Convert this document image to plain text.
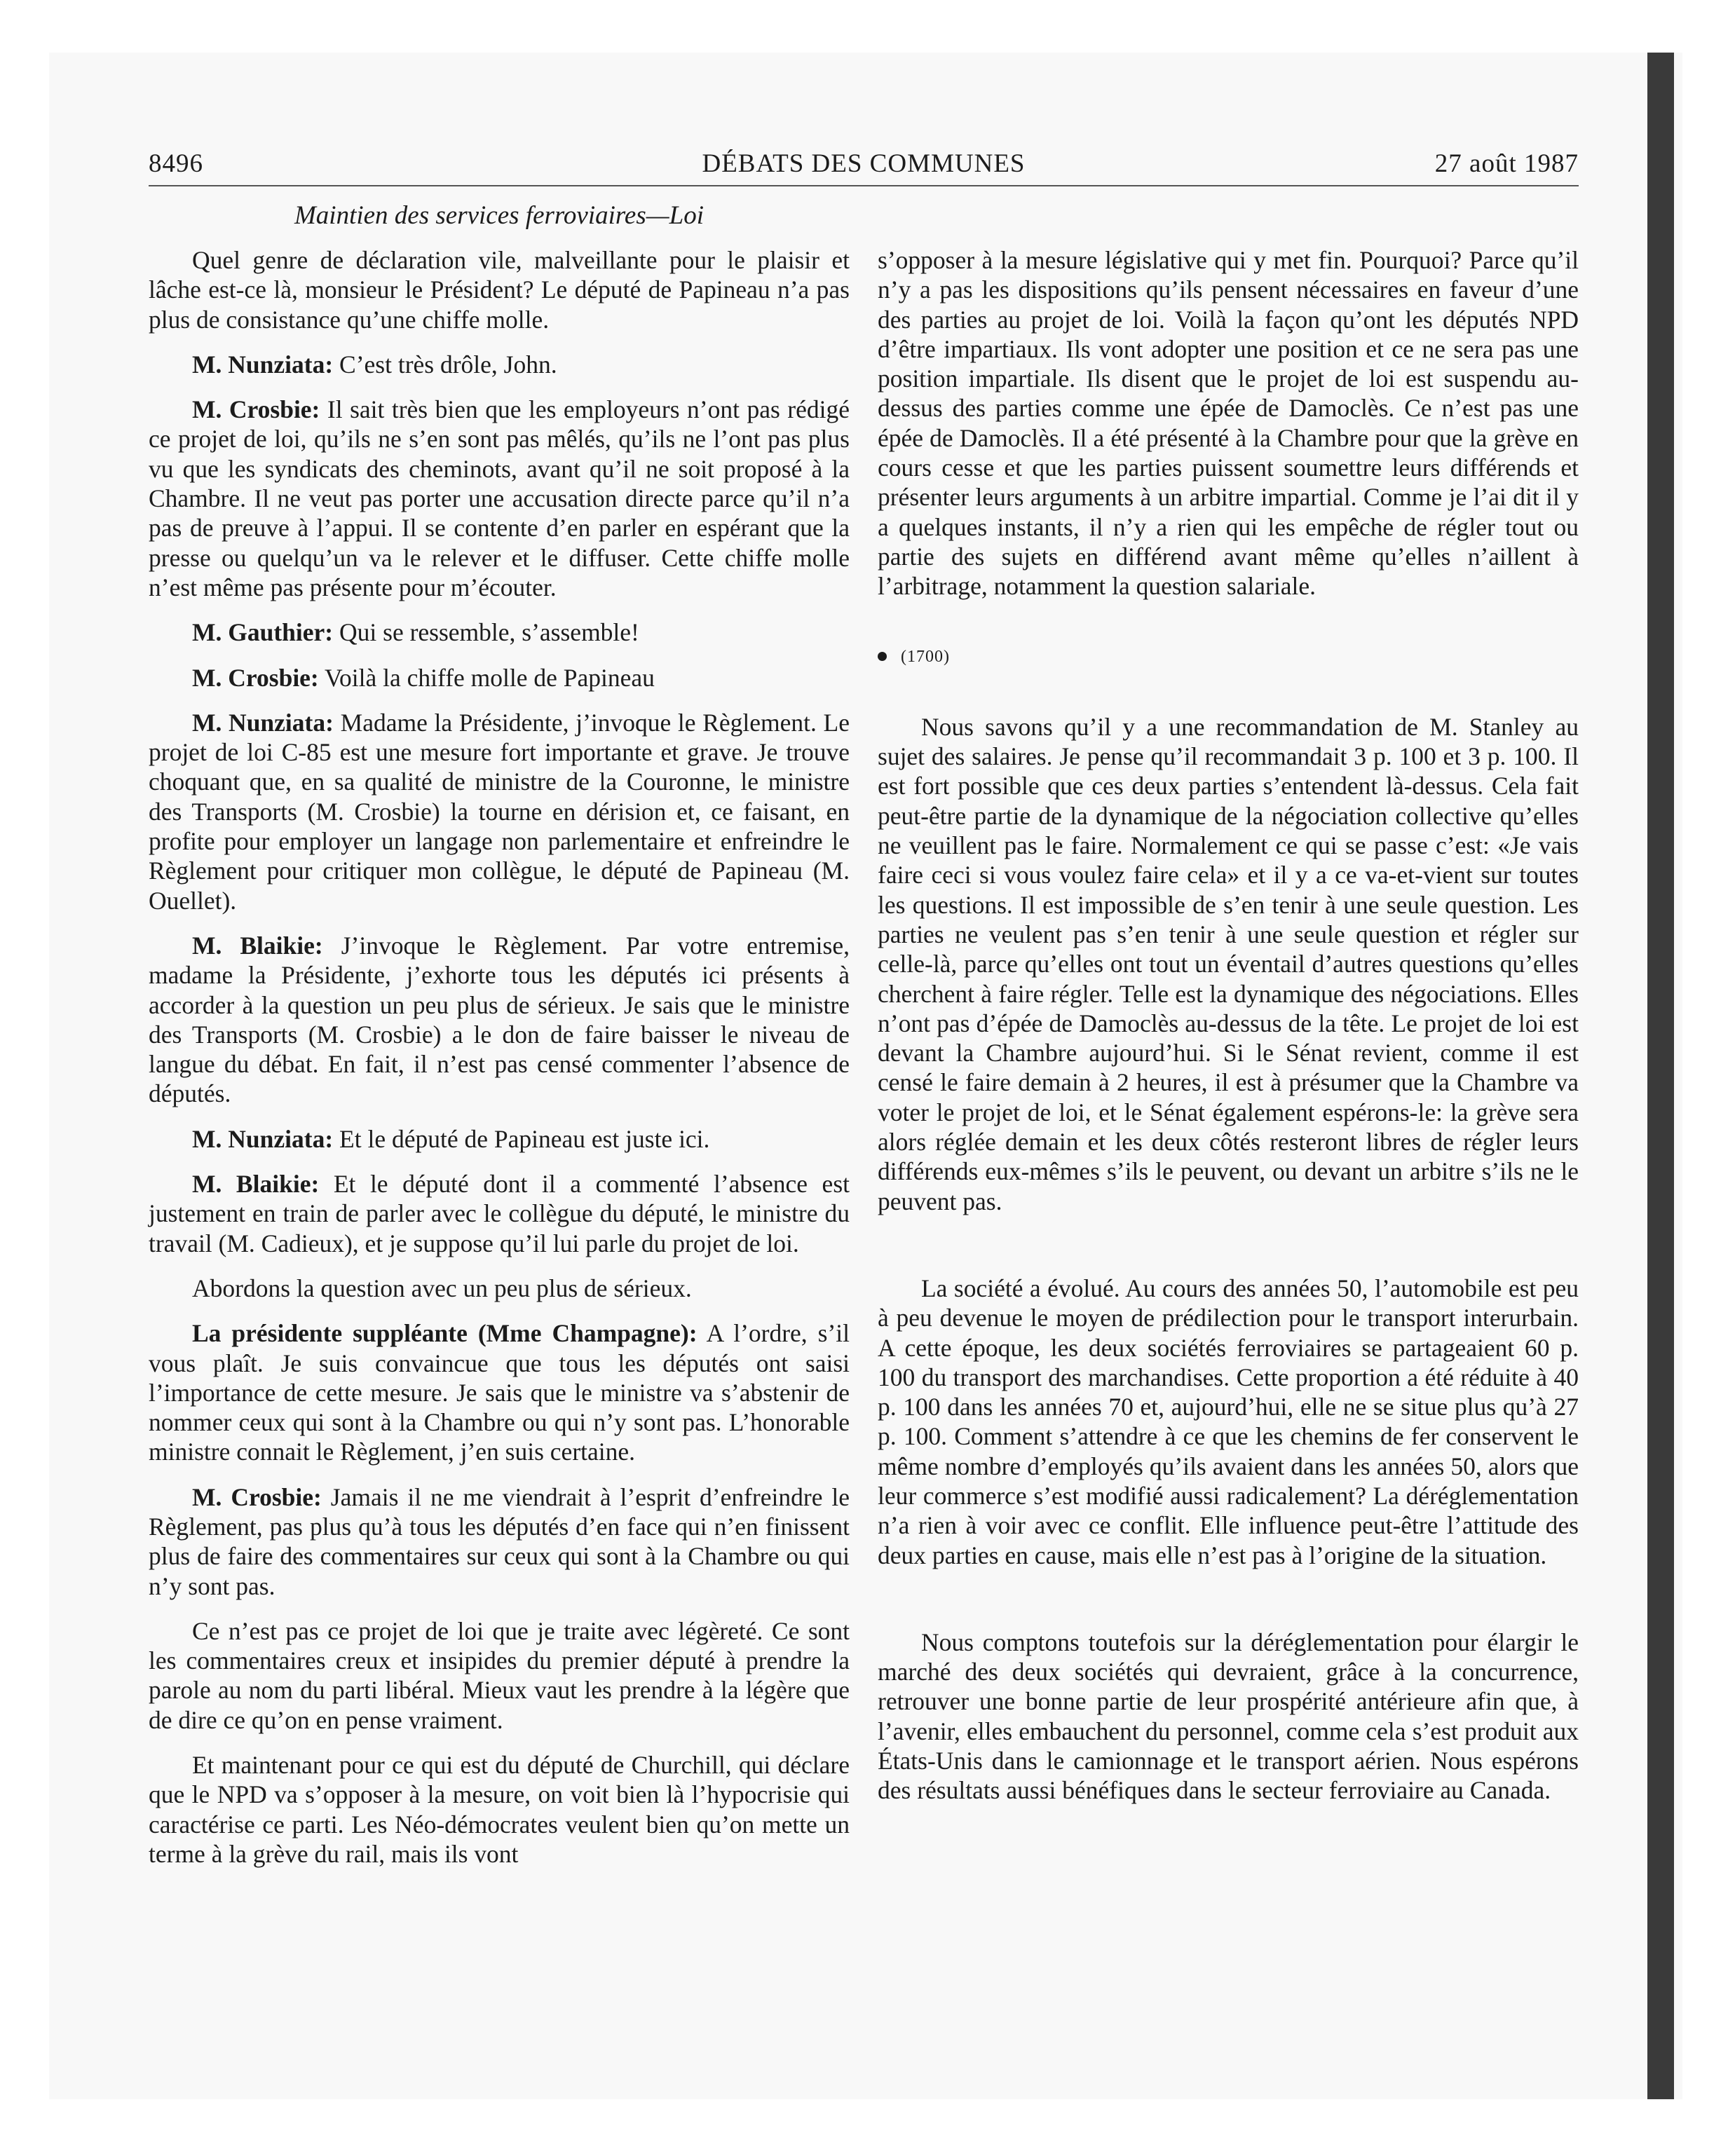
DÉBATS DES COMMUNES
8496	27 août 1987
Maintien des services ferroviaires—Loi

Quel genre de déclaration vile, malveillante pour le plaisir et lâche est-ce là, monsieur le Président? Le député de Papineau n’a pas plus de consistance qu’une chiffe molle.

M. Nunziata: C’est très drôle, John.

M. Crosbie: Il sait très bien que les employeurs n’ont pas rédigé ce projet de loi, qu’ils ne s’en sont pas mêlés, qu’ils ne l’ont pas plus vu que les syndicats des cheminots, avant qu’il ne soit proposé à la Chambre. Il ne veut pas porter une accusation directe parce qu’il n’a pas de preuve à l’appui. Il se contente d’en parler en espérant que la presse ou quelqu’un va le relever et le diffuser. Cette chiffe molle n’est même pas présente pour m’écouter.

M. Gauthier: Qui se ressemble, s’assemble!

M. Crosbie: Voilà la chiffe molle de Papineau

M. Nunziata: Madame la Présidente, j’invoque le Règlement. Le projet de loi C-85 est une mesure fort importante et grave. Je trouve choquant que, en sa qualité de ministre de la Couronne, le ministre des Transports (M. Crosbie) la tourne en dérision et, ce faisant, en profite pour employer un langage non parlementaire et enfreindre le Règlement pour critiquer mon collègue, le député de Papineau (M. Ouellet).

M. Blaikie: J’invoque le Règlement. Par votre entremise, madame la Présidente, j’exhorte tous les députés ici présents à accorder à la question un peu plus de sérieux. Je sais que le ministre des Transports (M. Crosbie) a le don de faire baisser le niveau de langue du débat. En fait, il n’est pas censé commenter l’absence de députés.

M. Nunziata: Et le député de Papineau est juste ici.

M. Blaikie: Et le député dont il a commenté l’absence est justement en train de parler avec le collègue du député, le ministre du travail (M. Cadieux), et je suppose qu’il lui parle du projet de loi.

Abordons la question avec un peu plus de sérieux.

La présidente suppléante (Mme Champagne): A l’ordre, s’il vous plaît. Je suis convaincue que tous les députés ont saisi l’importance de cette mesure. Je sais que le ministre va s’abstenir de nommer ceux qui sont à la Chambre ou qui n’y sont pas. L’honorable ministre connait le Règlement, j’en suis certaine.

M. Crosbie: Jamais il ne me viendrait à l’esprit d’enfreindre le Règlement, pas plus qu’à tous les députés d’en face qui n’en finissent plus de faire des commentaires sur ceux qui sont à la Chambre ou qui n’y sont pas.

Ce n’est pas ce projet de loi que je traite avec légèreté. Ce sont les commentaires creux et insipides du premier député à prendre la parole au nom du parti libéral. Mieux vaut les prendre à la légère que de dire ce qu’on en pense vraiment.

Et maintenant pour ce qui est du député de Churchill, qui déclare que le NPD va s’opposer à la mesure, on voit bien là l’hypocrisie qui caractérise ce parti. Les Néo-démocrates veulent bien qu’on mette un terme à la grève du rail, mais ils vont

s’opposer à la mesure législative qui y met fin. Pourquoi? Parce qu’il n’y a pas les dispositions qu’ils pensent nécessaires en faveur d’une des parties au projet de loi. Voilà la façon qu’ont les députés NPD d’être impartiaux. Ils vont adopter une position et ce ne sera pas une position impartiale. Ils disent que le projet de loi est suspendu au-dessus des parties comme une épée de Damoclès. Ce n’est pas une épée de Damoclès. Il a été présenté à la Chambre pour que la grève en cours cesse et que les parties puissent soumettre leurs différends et présenter leurs arguments à un arbitre impartial. Comme je l’ai dit il y a quelques instants, il n’y a rien qui les empêche de régler tout ou partie des sujets en différend avant même qu’elles n’aillent à l’arbitrage, notamment la question salariale.

(1700)

Nous savons qu’il y a une recommandation de M. Stanley au sujet des salaires. Je pense qu’il recommandait 3 p. 100 et 3 p. 100. Il est fort possible que ces deux parties s’entendent là-dessus. Cela fait peut-être partie de la dynamique de la négociation collective qu’elles ne veuillent pas le faire. Normalement ce qui se passe c’est: «Je vais faire ceci si vous voulez faire cela» et il y a ce va-et-vient sur toutes les questions. Il est impossible de s’en tenir à une seule question. Les parties ne veulent pas s’en tenir à une seule question et régler sur celle-là, parce qu’elles ont tout un éventail d’autres questions qu’elles cherchent à faire régler. Telle est la dynamique des négociations. Elles n’ont pas d’épée de Damoclès au-dessus de la tête. Le projet de loi est devant la Chambre aujourd’hui. Si le Sénat revient, comme il est censé le faire demain à 2 heures, il est à présumer que la Chambre va voter le projet de loi, et le Sénat également espérons-le: la grève sera alors réglée demain et les deux côtés resteront libres de régler leurs différends eux-mêmes s’ils le peuvent, ou devant un arbitre s’ils ne le peuvent pas.

La société a évolué. Au cours des années 50, l’automobile est peu à peu devenue le moyen de prédilection pour le transport interurbain. A cette époque, les deux sociétés ferroviaires se partageaient 60 p. 100 du transport des marchandises. Cette proportion a été réduite à 40 p. 100 dans les années 70 et, aujourd’hui, elle ne se situe plus qu’à 27 p. 100. Comment s’attendre à ce que les chemins de fer conservent le même nombre d’employés qu’ils avaient dans les années 50, alors que leur commerce s’est modifié aussi radicalement? La déréglementation n’a rien à voir avec ce conflit. Elle influence peut-être l’attitude des deux parties en cause, mais elle n’est pas à l’origine de la situation.

Nous comptons toutefois sur la déréglementation pour élargir le marché des deux sociétés qui devraient, grâce à la concurrence, retrouver une bonne partie de leur prospérité antérieure afin que, à l’avenir, elles embauchent du personnel, comme cela s’est produit aux États-Unis dans le camionnage et le transport aérien. Nous espérons des résultats aussi bénéfiques dans le secteur ferroviaire au Canada.
